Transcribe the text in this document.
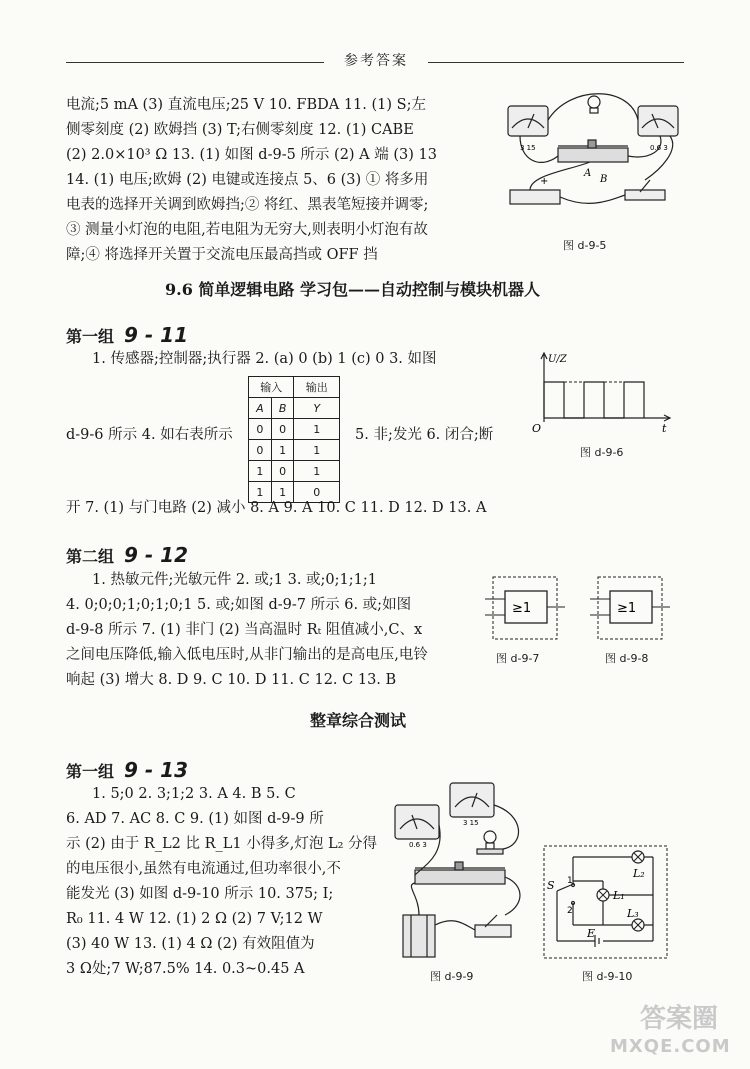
参考答案
电流;5 mA (3) 直流电压;25 V 10. FBDA 11. (1) S;左
侧零刻度 (2) 欧姆挡 (3) T;右侧零刻度 12. (1) CABE
(2) 2.0×10³ Ω 13. (1) 如图 d-9-5 所示 (2) A 端 (3) 13
14. (1) 电压;欧姆 (2) 电键或连接点 5、6 (3) ① 将多用
电表的选择开关调到欧姆挡;② 将红、黑表笔短接并调零;
③ 测量小灯泡的电阻,若电阻为无穷大,则表明小灯泡有故
障;④ 将选择开关置于交流电压最高挡或 OFF 挡
3 15	0.6 3
A
B
+
图 d-9-5
9.6 简单逻辑电路 学习包——自动控制与模块机器人
第一组 9 - 11
1. 传感器;控制器;执行器 2. (a) 0 (b) 1 (c) 0 3. 如图
d-9-6 所示 4. 如右表所示	5. 非;发光 6. 闭合;断
输入		输出
A	B	Y
0	0	1
0	1	1
1	0	1
1	1	0
U/Z
t
O
图 d-9-6
开 7. (1) 与门电路 (2) 减小 8. A 9. A 10. C 11. D 12. D 13. A
第二组 9 - 12
1. 热敏元件;光敏元件 2. 或;1 3. 或;0;1;1;1
4. 0;0;0;1;0;1;0;1 5. 或;如图 d-9-7 所示 6. 或;如图
d-9-8 所示 7. (1) 非门 (2) 当高温时 Rₜ 阻值减小,C、x
之间电压降低,输入低电压时,从非门输出的是高电压,电铃
响起 (3) 增大 8. D 9. C 10. D 11. C 12. C 13. B
≥1
图 d-9-7
≥1
图 d-9-8
整章综合测试
第一组 9 - 13
1. 5;0 2. 3;1;2 3. A 4. B 5. C
6. AD 7. AC 8. C 9. (1) 如图 d-9-9 所
示 (2) 由于 R_L2 比 R_L1 小得多,灯泡 L₂ 分得
的电压很小,虽然有电流通过,但功率很小,不
能发光 (3) 如图 d-9-10 所示 10. 375; I;
R₀ 11. 4 W 12. (1) 2 Ω (2) 7 V;12 W
(3) 40 W 13. (1) 4 Ω (2) 有效阻值为
3 Ω处;7 W;87.5% 14. 0.3~0.45 A
0.6 3
3 15
图 d-9-9
S 1
2
L₁
L₂
L₃
E
图 d-9-10
答案圈
MXQE.COM
